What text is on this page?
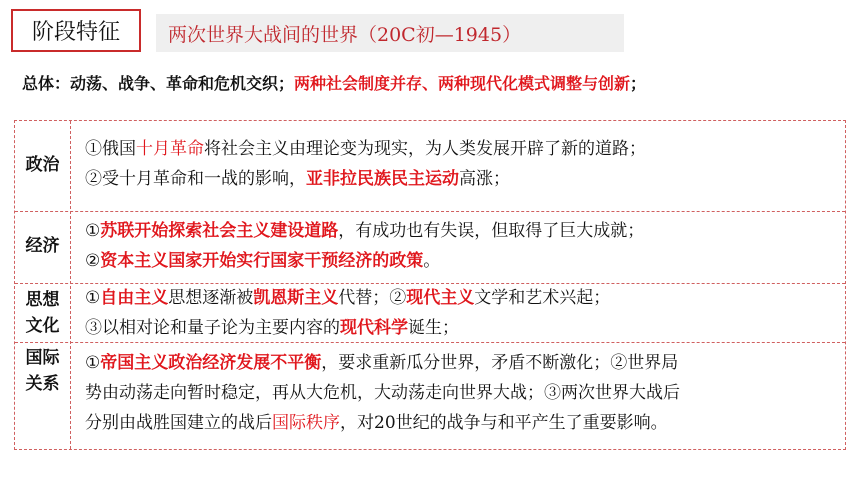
阶段特征	两次世界大战间的世界（20C初—1945）
总体：动荡、战争、革命和危机交织；两种社会制度并存、两种现代化模式调整与创新；
政治
①俄国十月革命将社会主义由理论变为现实，为人类发展开辟了新的道路；
②受十月革命和一战的影响，亚非拉民族民主运动高涨；
经济
①苏联开始探索社会主义建设道路，有成功也有失误，但取得了巨大成就；
②资本主义国家开始实行国家干预经济的政策。
思想
文化
①自由主义思想逐渐被凯恩斯主义代替；②现代主义文学和艺术兴起；
③以相对论和量子论为主要内容的现代科学诞生；
国际
关系
①帝国主义政治经济发展不平衡，要求重新瓜分世界，矛盾不断激化；②世界局
势由动荡走向暂时稳定，再从大危机，大动荡走向世界大战；③两次世界大战后
分别由战胜国建立的战后国际秩序，对20世纪的战争与和平产生了重要影响。
